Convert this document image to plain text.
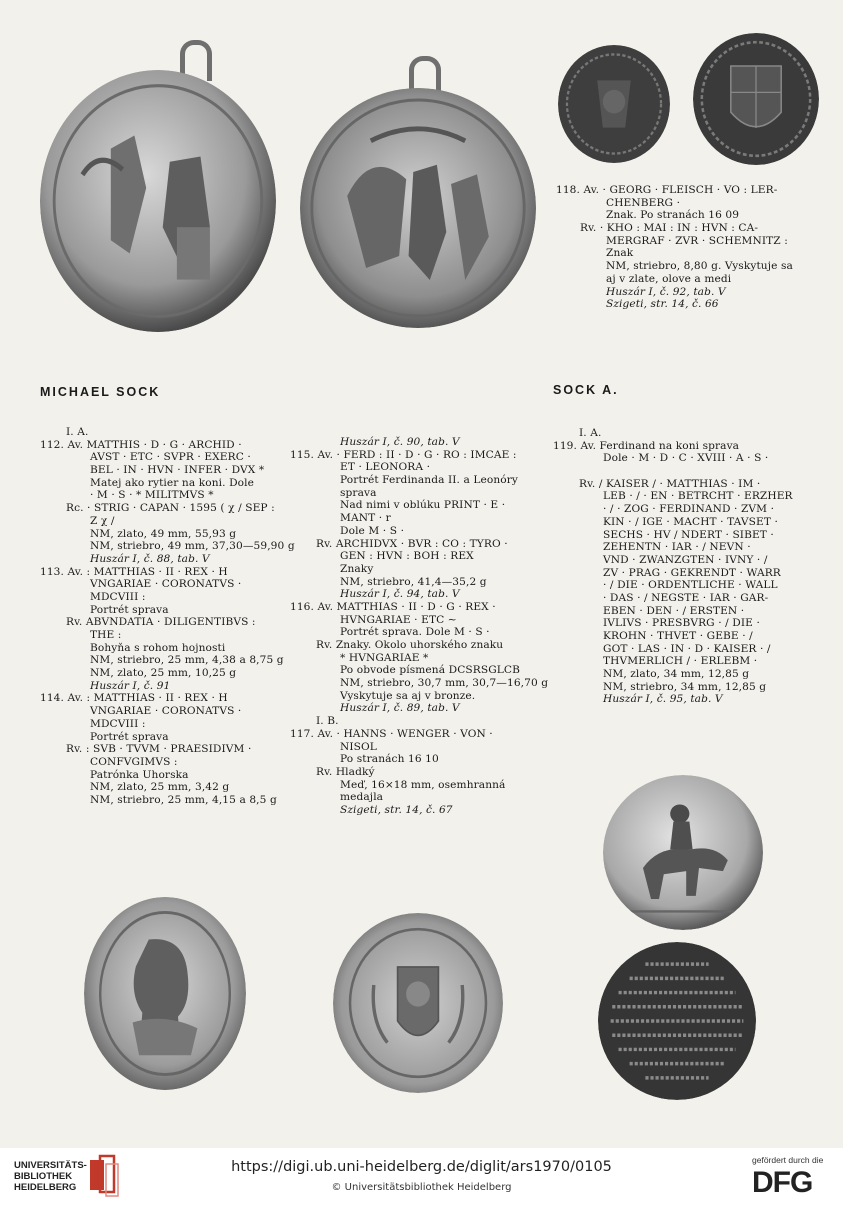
118. Av. · GEORG · FLEISCH · VO : LER-
CHENBERG ·
Znak. Po stranách 16 09
Rv. · KHO : MAI : IN : HVN : CA-
MERGRAF · ZVR · SCHEMNITZ :
Znak
NM, striebro, 8,80 g. Vyskytuje sa
aj v zlate, olove a medi
Huszár I, č. 92, tab. V
Szigeti, str. 14, č. 66
MICHAEL SOCK	SOCK A.
I. A.
112. Av. MATTHIS · D · G · ARCHID ·
AVST · ETC · SVPR · EXERC ·
BEL · IN · HVN · INFER · DVX *
Matej ako rytier na koni. Dole
· M · S · * MILITMVS *
Rc. · STRIG · CAPAN · 1595 ( χ / SEP :
Z χ /
NM, zlato, 49 mm, 55,93 g
NM, striebro, 49 mm, 37,30—59,90 g
Huszár I, č. 88, tab. V
113. Av. : MATTHIAS · II · REX · H
VNGARIAE · CORONATVS ·
MDCVIII :
Portrét sprava
Rv. ABVNDATIA · DILIGENTIBVS :
THE :
Bohyňa s rohom hojnosti
NM, striebro, 25 mm, 4,38 a 8,75 g
NM, zlato, 25 mm, 10,25 g
Huszár I, č. 91
114. Av. : MATTHIAS · II · REX · H
VNGARIAE · CORONATVS ·
MDCVIII :
Portrét sprava
Rv. : SVB · TVVM · PRAESIDIVM ·
CONFVGIMVS :
Patrónka Uhorska
NM, zlato, 25 mm, 3,42 g
NM, striebro, 25 mm, 4,15 a 8,5 g
Huszár I, č. 90, tab. V
115. Av. · FERD : II · D · G · RO : IMCAE :
ET · LEONORA ·
Portrét Ferdinanda II. a Leonóry
sprava
Nad nimi v oblúku PRINT · E ·
MANT · r
Dole M · S ·
Rv. ARCHIDVX · BVR : CO : TYRO ·
GEN : HVN : BOH : REX
Znaky
NM, striebro, 41,4—35,2 g
Huszár I, č. 94, tab. V
116. Av. MATTHIAS · II · D · G · REX ·
HVNGARIAE · ETC ∼
Portrét sprava. Dole M · S ·
Rv. Znaky. Okolo uhorského znaku
* HVNGARIAE *
Po obvode písmená DCSRSGLCB
NM, striebro, 30,7 mm, 30,7—16,70 g
Vyskytuje sa aj v bronze.
Huszár I, č. 89, tab. V
I. B.
117. Av. · HANNS · WENGER · VON ·
NISOL
Po stranách 16 10
Rv. Hladký
Meď, 16×18 mm, osemhranná
medajla
Szigeti, str. 14, č. 67
I. A.
119. Av. Ferdinand na koni sprava
Dole · M · D · C · XVIII · A · S ·
Rv. / KAISER / · MATTHIAS · IM ·
LEB · / · EN · BETRCHT · ERZHER
· / · ZOG · FERDINAND · ZVM ·
KIN · / IGE · MACHT · TAVSET ·
SECHS · HV / NDERT · SIBET ·
ZEHENTN · IAR · / NEVN ·
VND · ZWANZGTEN · IVNY · /
ZV · PRAG · GEKRENDT · WARR
· / DIE · ORDENTLICHE · WALL
· DAS · / NEGSTE · IAR · GAR-
EBEN · DEN · / ERSTEN ·
IVLIVS · PRESBVRG · / DIE ·
KROHN · THVET · GEBE · /
GOT · LAS · IN · D · KAISER · /
THVMERLICH / · ERLEBM ·
NM, zlato, 34 mm, 12,85 g
NM, striebro, 34 mm, 12,85 g
Huszár I, č. 95, tab. V
UNIVERSITÄTS-
BIBLIOTHEK
HEIDELBERG
https://digi.ub.uni-heidelberg.de/diglit/ars1970/0105
© Universitätsbibliothek Heidelberg
gefördert durch die
DFG
